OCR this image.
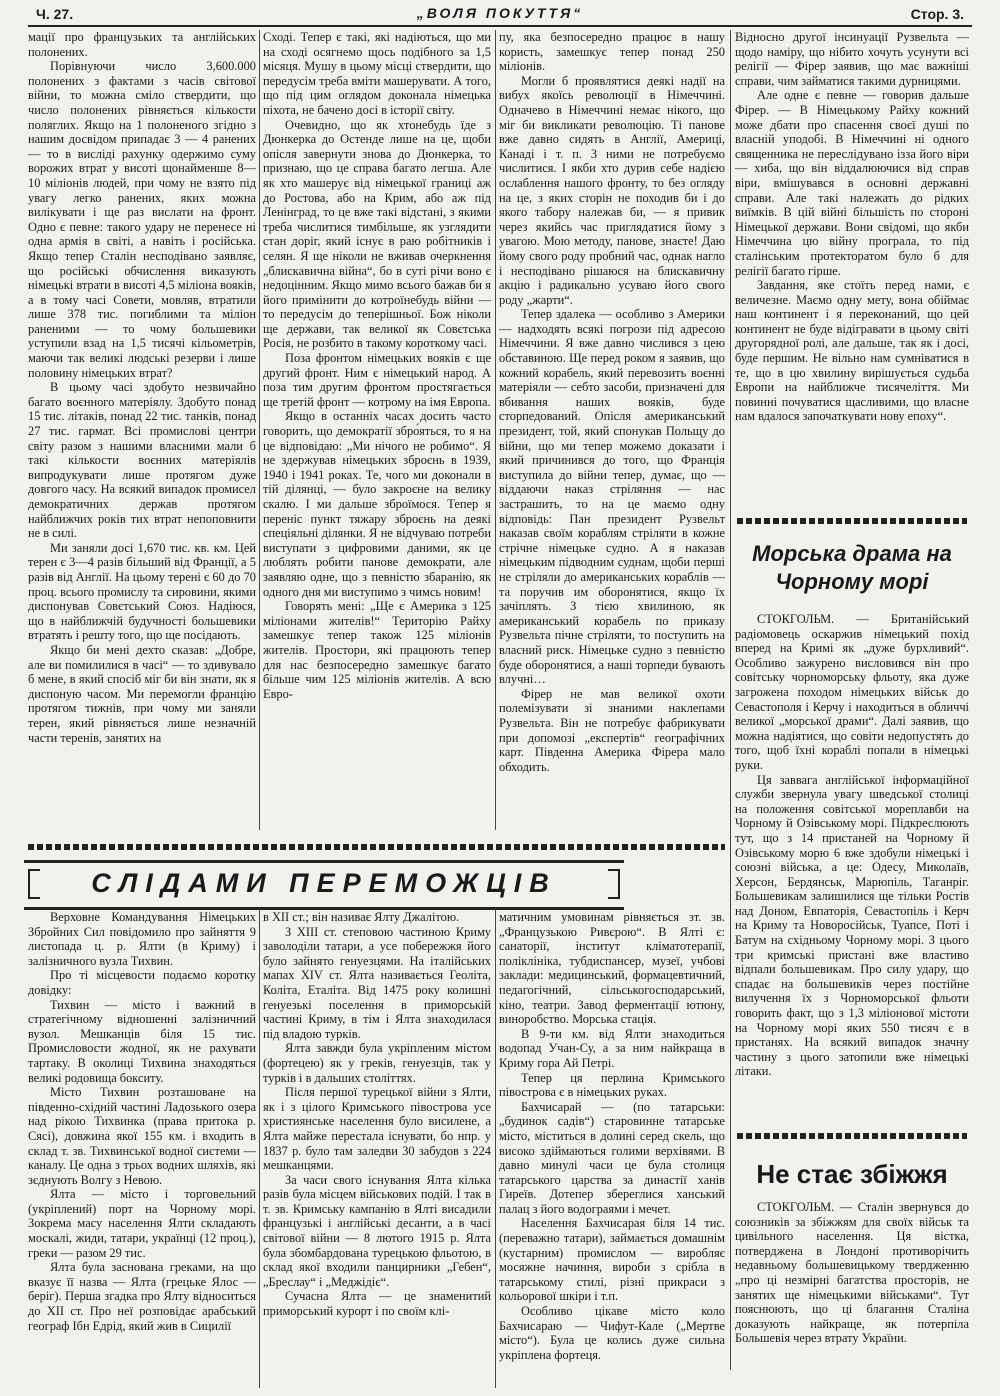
Ч. 27.	„ВОЛЯ ПОКУТТЯ“	Стор. 3.

мації про французьких та англійських полонених.

Порівнуючи число 3,600.000 полонених з фактами з часів світової війни, то можна сміло ствердити, що число полонених рівняється кількости поляглих. Якщо на 1 полоненого згідно з нашим досвідом припадає 3 — 4 ранених — то в висліді рахунку одержимо суму ворожих втрат у висоті щонайменше 8—10 міліонів людей, при чому не взято під увагу легко ранених, яких можна вилікувати і ще раз вислати на фронт. Одно є певне: такого удару не перенесе ні одна армія в світі, а навіть і російська. Якщо тепер Сталін несподівано заявляє, що російські обчислення виказують німецькі втрати в висоті 4,5 міліона вояків, а в тому часі Совети, мовляв, втратили лише 378 тис. погиблими та міліон раненими — то чому большевики уступили взад на 1,5 тисячі кільометрів, маючи так великі людські резерви і лише половину німецьких втрат?

В цьому часі здобуто незвичайно багато воєнного матеріялу. Здобуто понад 15 тис. літаків, понад 22 тис. танків, понад 27 тис. гармат. Всі промислові центри світу разом з нашими власними мали б такі кількости воєнних матеріялів випродукувати лише протягом дуже довгого часу. На всякий випадок промисел демократичних держав протягом найближчих років тих втрат непоповнити не в силі.

Ми заняли досі 1,670 тис. кв. км. Цей терен є 3—4 разів більший від Франції, а 5 разів від Англії. На цьому терені є 60 до 70 проц. всього промислу та сировини, якими диспонував Совєтський Союз. Надіюся, що в найближчій будучності большевики втратять і решту того, що ще посідають.

Якщо би мені дехто сказав: „Добре, але ви помилилися в часі“ — то здивувало б мене, в який спосіб міг би він знати, як я диспоную часом. Ми перемогли францію протягом тижнів, при чому ми заняли терен, який рівняється лише незначній части теренів, занятих на

Сході. Тепер є такі, які надіються, що ми на сході осягнемо щось подібного за 1,5 місяця. Мушу в цьому місці ствердити, що передусім треба вміти машерувати. А того, що під цим оглядом доконала німецька піхота, не бачено досі в історії світу.

Очевидно, що як хтонебудь їде з Дюнкерка до Остенде лише на це, щоби опісля завернути знова до Дюнкерка, то признаю, що це справа багато легша. Але як хто машерує від німецької границі аж до Ростова, або на Крим, або аж під Ленінград, то це вже такі відстані, з якими треба числитися тимбільше, як узглядити стан доріг, який існує в раю робітників і селян. Я ще ніколи не вживав очеркнення „блискавична війна“, бо в суті річи воно є недоцінним. Якщо мимо всього бажав би я його примінити до котроїнебудь війни — то передусім до теперішньої. Бож ніколи ще держави, так великої як Совєтська Росія, не розбито в такому короткому часі.

Поза фронтом німецьких вояків є ще другий фронт. Ним є німецький народ. А поза тим другим фронтом простягається ще третій фронт — котрому на імя Европа.

Якщо в останніх часах досить часто говорить, що демократії збро́яться, то я на це відповідаю: „Ми нічого не робимо“. Я не здержував німецьких зброєнь в 1939, 1940 і 1941 роках. Те, чого ми доконали в тій ділянці, — було закроєне на велику скалю. І ми дальше зброїмося. Тепер я переніс пункт тяжару зброєнь на деякі спеціяльні ділянки. Я не відчуваю потреби виступати з цифровими даними, як це люблять робити панове демократи, але заявляю одне, що з певністю збаранію, як одного дня ми виступимо з чимсь новим!

Говорять мені: „Ще є Америка з 125 міліонами жителів!“ Територію Райху замешкує тепер також 125 міліонів жителів. Простори, які працюють тепер для нас безпосередно замешкує багато більше чим 125 міліонів жителів. А всю Евро-

пу, яка безпосередно працює в нашу користь, замешкує тепер понад 250 міліонів.

Могли б проявлятися деякі надії на вибух якоїсь революції в Німеччині. Одначево в Німеччині немає нікого, що міг би викликати революцію. Ті панове вже давно сидять в Англії, Америці, Канаді і т. п. З ними не потребуємо числитися. І якби хто дурив себе надією ослаблення нашого фронту, то без огляду на це, з яких сторін не походив би і до якого табору належав би, — я привик через якийсь час приглядатися йому з увагою. Мою методу, панове, знаєте! Даю йому свого роду пробний час, однак нагло і несподівано рішаюся на блискавичну акцію і радикально усуваю його свого роду „жарти“.

Тепер здалека — особливо з Америки — надходять всякі погрози під адресою Німеччини. Я вже давно числився з цею обставиною. Ще перед роком я заявив, що кожний корабель, який перевозить воєнні матеріяли — себто засоби, призначені для вбивання наших вояків, буде сторпедований. Опісля американський президент, той, який спонукав Польщу до війни, що ми тепер можемо доказати і який причинився до того, що Франція виступила до війни тепер, думає, що — віддаючи наказ стріляння — нас застрашить, то на це маємо одну відповідь: Пан президент Рузвельт наказав своїм кораблям стріляти в кожне стрічне німецьке судно. А я наказав німецьким підводним суднам, щоби перші не стріляли до американських кораблів — та поручив им оборонятися, якщо їх зачіплять. З тією хвилиною, як американський корабель по приказу Рузвельта пічне стріляти, то поступить на власний риск. Німецьке судно з певністю буде оборонятися, а наші торпеди бувають влучні…

Фірер не мав великої охоти полемізувати зі знаними наклепами Рузвельта. Він не потребує фабрикувати при допомозі „експертів“ географічних карт. Південна Америка Фірера мало обходить.

Відносно другої інсинуації Рузвельта — щодо наміру, що нібито хочуть усунути всі релігії — Фірер заявив, що має важніші справи, чим займатися такими дурницями.

Але одне є певне — говорив дальше Фірер. — В Німецькому Райху кожний може дбати про спасення своєї душі по власній уподобі. В Німеччині ні одного священника не переслідувано ізза його віри — хиба, що він віддалюючися від справ віри, вмішувався в основні державні справи. Але такі належать до рідких виїмків. В цій війні більшість по стороні Німецької держави. Вони свідомі, що якби Німеччина цю війну програла, то під сталінським протекторатом було б для релігії багато гірше.

Завдання, яке стоїть перед нами, є величезне. Маємо одну мету, вона обіймає наш континент і я переконаний, що цей континент не буде відігравати в цьому світі другорядної ролі, але дальше, так як і досі, буде першим. Не вільно нам сумніватися в те, що в цю хвилину вирішується судьба Европи на найближче тисячеліття. Ми повинні почуватися щасливими, що власне нам вдалося започаткувати нову епоху“.

Морська драма на Чорному морі

СТОКГОЛЬМ. — Британійський радіомовець оскаржив німецький похід вперед на Кримі як „дуже бурхливий“. Особливо зажурено висловився він про совітську чорноморську фльоту, яка дуже загрожена походом німецьких військ до Севастополя і Керчу і находиться в обличчі великої „морської драми“. Далі заявив, що можна надіятися, що совіти недопустять до того, щоб їхні кораблі попали в німецькі руки.

Ця заввага англійської інформаційної служби звернула увагу шведської столиці на положення совітської мореплавби на Чорному й Озівському морі. Підкреслюють тут, що з 14 пристаней на Чорному й Озівському морю 6 вже здобули німецькі і союзні війська, а це: Одесу, Миколаїв, Херсон, Бердянськ, Марюпіль, Таганріг. Большевикам залишилися ще тільки Ростів над Доном, Евпаторія, Севастопіль і Керч на Криму та Новоросійськ, Туапсе, Поті і Батум на східньому Чорному морі. З цього три кримські пристані вже властиво відпали большевикам. Про силу удару, що спадає на большевиків через постійне вилучення їх з Чорноморської фльоти говорить факт, що з 1,3 міліонової містоти на Чорному морі яких 550 тисяч є в пристанях. На всякий випадок значну частину з цього затопили вже німецькі літаки.

Не стає збіжжя

СТОКГОЛЬМ. — Сталін звернувся до союзників за збіжжям для своїх військ та цивільного населення. Ця вістка, потверджена в Лондоні противорічить недавньому большевицькому твердженню „про ці незмірні багатства просторів, не занятих ще німецькими військами“. Тут пояснюють, що ці благання Сталіна доказують найкраще, як потерпіла Большевія через втрату України.

СЛІДАМИ ПЕРЕМОЖЦІВ

Верховне Командування Німецьких Збройних Сил повідомило про зайняття 9 листопада ц. р. Ялти (в Криму) і залізничного вузла Тихвин.

Про ті місцевости подаємо коротку довідку:

Тихвин — місто і важний в стратегічному відношенні залізничний вузол. Мешканців біля 15 тис. Промисловости жодної, як не рахувати тартаку. В околиці Тихвина знаходяться великі родовища бокситу.

Місто Тихвин розташоване на південно-східній частині Ладозького озера над рікою Тихвинка (права притока р. Сясі), довжина якої 155 км. і входить в склад т. зв. Тихвинської водної системи — каналу. Це одна з трьох водних шляхів, які зєднують Волгу з Невою.

Ялта — місто і торговельний (укріплений) порт на Чорному морі. Зокрема масу населення Ялти складають москалі, жиди, татари, українці (12 проц.), греки — разом 29 тис.

Ялта була заснована греками, на що вказує її назва — Ялта (грецьке Ялос — беріг). Перша згадка про Ялту відноситься до XII ст. Про неї розповідає арабський географ Ібн Едрід, який жив в Сицилії

в XII ст.; він називає Ялту Джалітою.

З XIII ст. степовою частиною Криму заволоділи татари, а усе побережжя його було зайнято генуезцями. На італійських мапах XIV ст. Ялта називається Геоліта, Коліта, Еталіта. Від 1475 року колишні генуезькі поселення в приморській частині Криму, в тім і Ялта знаходилася під владою турків.

Ялта завжди була укріпленим містом (фортецею) як у греків, генуезців, так у турків і в дальших століттях.

Після першої турецької війни з Ялти, як і з цілого Кримського півострова усе християнське населення було висилене, а Ялта майже перестала існувати, бо нпр. у 1837 р. було там заледви 30 забудов з 224 мешканцями.

За часи свого існування Ялта кілька разів була місцем військових подій. І так в т. зв. Кримську кампанію в Ялті висадили французькі і англійські десанти, а в часі світової війни — 8 лютого 1915 р. Ялта була збомбардована турецькою фльотою, в склад якої входили панцирники „Гебен“, „Бреслау“ і „Меджідіє“.

Сучасна Ялта — це знаменитий приморський курорт і по своїм клі-

матичним умовинам рівняється зт. зв. „Французькою Ривєрою“. В Ялті є: санаторії, інститут кліматотерапії, поліклініка, тубдиспансер, музеї, учбові заклади: медицинський, формацевтичний, педагогічний, сільськогосподарський, кіно, театри. Завод ферментації ютюну, виноробство. Морська стація.

В 9-ти км. від Ялти знаходиться водопад Учан-Су, а за ним найкраща в Криму гора Ай Петрі.

Тепер ця перлина Кримського півострова є в німецьких руках.

Бахчисарай — (по татарськи: „будинок садів“) старовинне татарське місто, міститься в долині серед скель, що високо здіймаються голими верхівями. В давно минулі часи це була столиця татарського царства за династії ханів Гиреїв. Дотепер збереглися ханський палац з його водограями і мечет.

Населення Бахчисарая біля 14 тис. (переважно татари), займається домашнім (кустарним) промислом — виробляє мосяжне начиння, вироби з срібла в татарському стилі, різні прикраси з кольорової шкіри і т.п.

Особливо цікаве місто коло Бахчисараю — Чифут-Кале („Мертве місто“). Була це колись дуже сильна укріплена фортеця.
